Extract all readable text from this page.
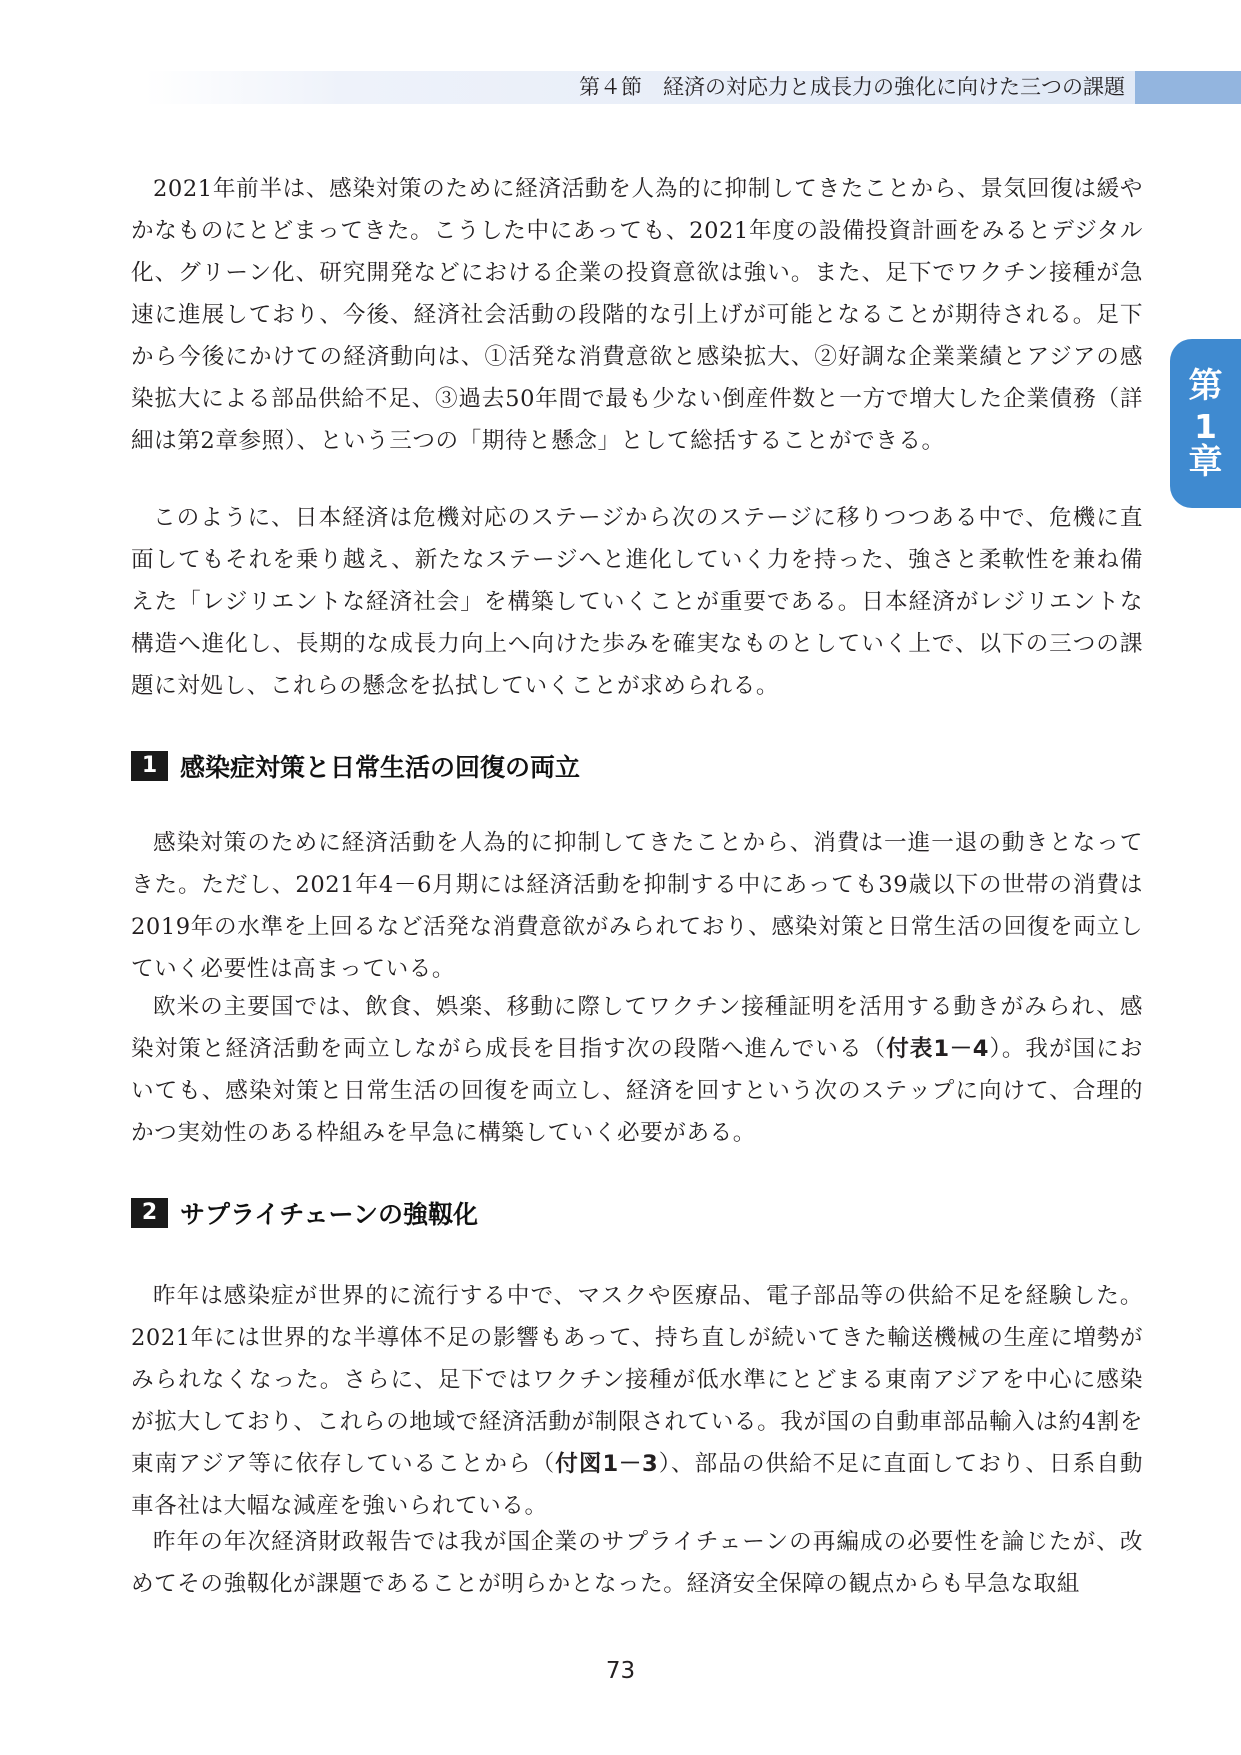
第４節　経済の対応力と成長力の強化に向けた三つの課題
第
1
章

2021年前半は、感染対策のために経済活動を人為的に抑制してきたことから、景気回復は緩やかなものにとどまってきた。こうした中にあっても、2021年度の設備投資計画をみるとデジタル化、グリーン化、研究開発などにおける企業の投資意欲は強い。また、足下でワクチン接種が急速に進展しており、今後、経済社会活動の段階的な引上げが可能となることが期待される。足下から今後にかけての経済動向は、①活発な消費意欲と感染拡大、②好調な企業業績とアジアの感染拡大による部品供給不足、③過去50年間で最も少ない倒産件数と一方で増大した企業債務（詳細は第2章参照）、という三つの「期待と懸念」として総括することができる。

このように、日本経済は危機対応のステージから次のステージに移りつつある中で、危機に直面してもそれを乗り越え、新たなステージへと進化していく力を持った、強さと柔軟性を兼ね備えた「レジリエントな経済社会」を構築していくことが重要である。日本経済がレジリエントな構造へ進化し、長期的な成長力向上へ向けた歩みを確実なものとしていく上で、以下の三つの課題に対処し、これらの懸念を払拭していくことが求められる。

1 感染症対策と日常生活の回復の両立

感染対策のために経済活動を人為的に抑制してきたことから、消費は一進一退の動きとなってきた。ただし、2021年4－6月期には経済活動を抑制する中にあっても39歳以下の世帯の消費は2019年の水準を上回るなど活発な消費意欲がみられており、感染対策と日常生活の回復を両立していく必要性は高まっている。

欧米の主要国では、飲食、娯楽、移動に際してワクチン接種証明を活用する動きがみられ、感染対策と経済活動を両立しながら成長を目指す次の段階へ進んでいる（付表1－4）。我が国においても、感染対策と日常生活の回復を両立し、経済を回すという次のステップに向けて、合理的かつ実効性のある枠組みを早急に構築していく必要がある。

2 サプライチェーンの強靱化

昨年は感染症が世界的に流行する中で、マスクや医療品、電子部品等の供給不足を経験した。2021年には世界的な半導体不足の影響もあって、持ち直しが続いてきた輸送機械の生産に増勢がみられなくなった。さらに、足下ではワクチン接種が低水準にとどまる東南アジアを中心に感染が拡大しており、これらの地域で経済活動が制限されている。我が国の自動車部品輸入は約4割を東南アジア等に依存していることから（付図1－3）、部品の供給不足に直面しており、日系自動車各社は大幅な減産を強いられている。

昨年の年次経済財政報告では我が国企業のサプライチェーンの再編成の必要性を論じたが、改めてその強靱化が課題であることが明らかとなった。経済安全保障の観点からも早急な取組

73
